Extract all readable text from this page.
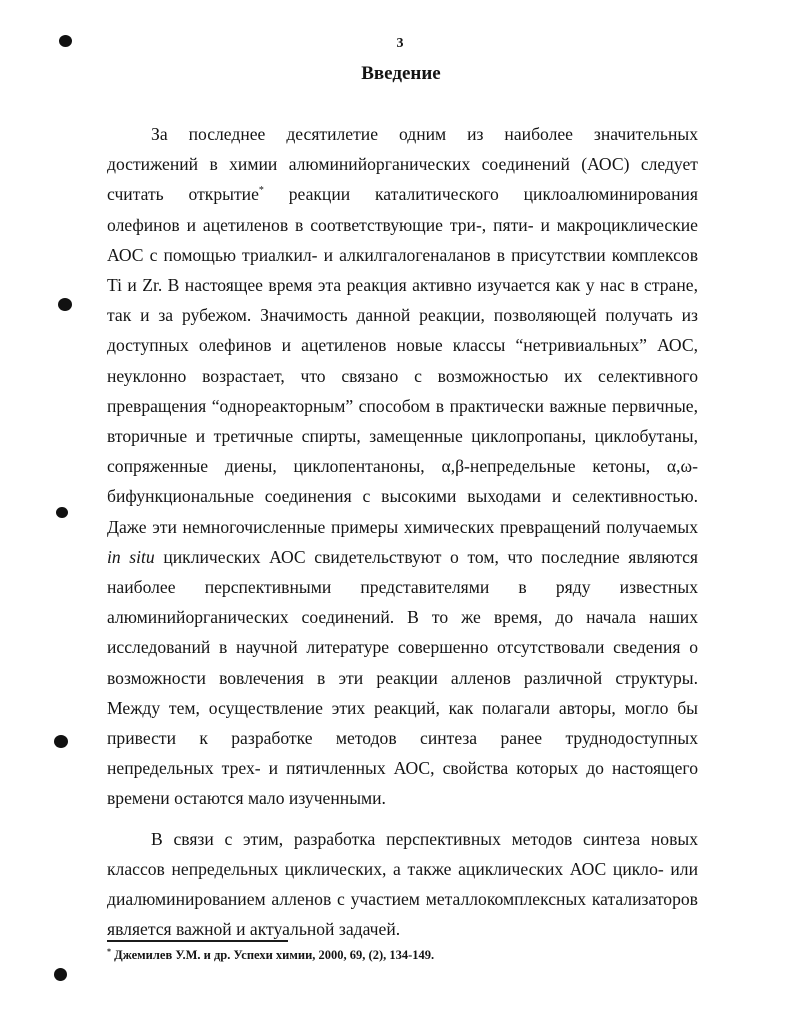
3
Введение
За последнее десятилетие одним из наиболее значительных
достижений в химии алюминийорганических соединений (АОС) следует
считать открытие* реакции каталитического циклоалюминирования
олефинов и ацетиленов в соответствующие три-, пяти- и макроциклические
АОС с помощью триалкил- и алкилгалогеналанов в присутствии комплексов
Ti и Zr. В настоящее время эта реакция активно изучается как у нас в стране,
так и за рубежом. Значимость данной реакции, позволяющей получать из
доступных олефинов и ацетиленов новые классы “нетривиальных” АОС,
неуклонно возрастает, что связано с возможностью их селективного
превращения “однореакторным” способом в практически важные первичные,
вторичные и третичные спирты, замещенные циклопропаны, циклобутаны,
сопряженные диены, циклопентаноны, α,β-непредельные кетоны, α,ω-
бифункциональные соединения с высокими выходами и селективностью.
Даже эти немногочисленные примеры химических превращений получаемых
in situ циклических АОС свидетельствуют о том, что последние являются
наиболее перспективными представителями в ряду известных
алюминийорганических соединений. В то же время, до начала наших
исследований в научной литературе совершенно отсутствовали сведения о
возможности вовлечения в эти реакции алленов различной структуры.
Между тем, осуществление этих реакций, как полагали авторы, могло бы
привести к разработке методов синтеза ранее труднодоступных
непредельных трех- и пятичленных АОС, свойства которых до настоящего
времени остаются мало изученными.
В связи с этим, разработка перспективных методов синтеза новых
классов непредельных циклических, а также ациклических АОС цикло- или
диалюминированием алленов с участием металлокомплексных катализаторов
является важной и актуальной задачей.
* Джемилев У.М. и др. Успехи химии, 2000, 69, (2), 134-149.
